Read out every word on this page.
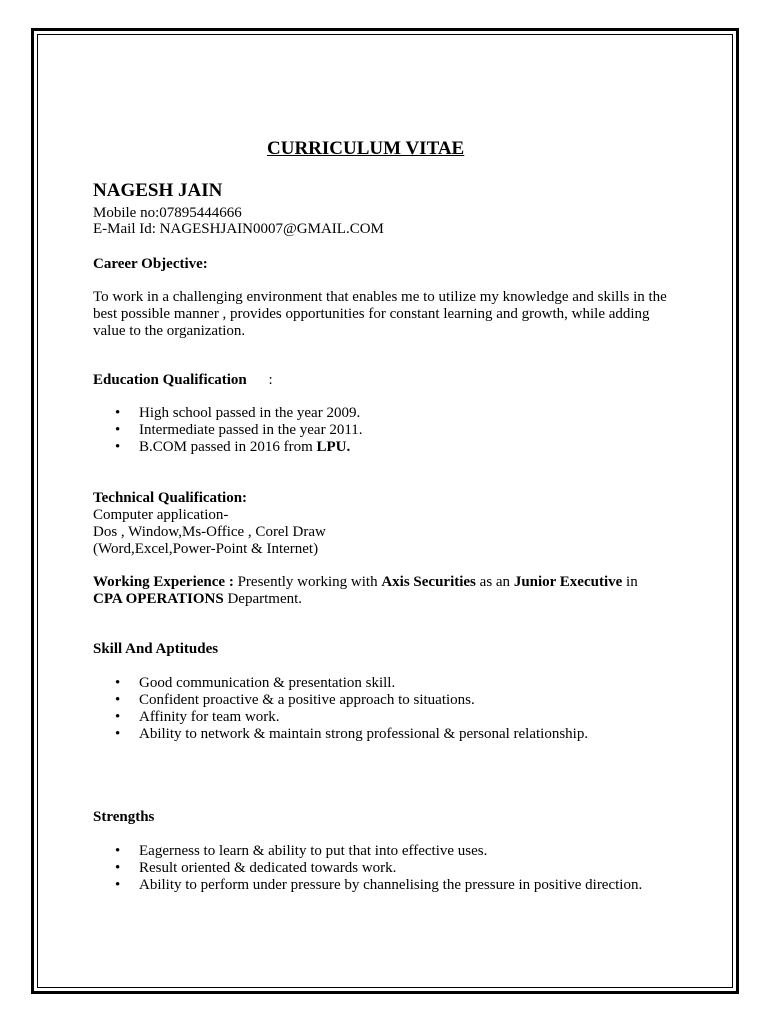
CURRICULUM VITAE
NAGESH JAIN
Mobile no:07895444666
E-Mail Id: NAGESHJAIN0007@GMAIL.COM
Career Objective:
To work in a challenging environment that enables me to utilize my knowledge and skills in the best possible manner , provides opportunities for constant learning and growth, while adding value to the organization.
Education Qualification :
• High school passed in the year 2009.
• Intermediate passed in the year 2011.
• B.COM passed in 2016 from LPU.
Technical Qualification:
Computer application-
Dos , Window,Ms-Office , Corel Draw
(Word,Excel,Power-Point & Internet)
Working Experience : Presently working with Axis Securities as an Junior Executive in
CPA OPERATIONS Department.
Skill And Aptitudes
• Good communication & presentation skill.
• Confident proactive & a positive approach to situations.
• Affinity for team work.
• Ability to network & maintain strong professional & personal relationship.
Strengths
• Eagerness to learn & ability to put that into effective uses.
• Result oriented & dedicated towards work.
• Ability to perform under pressure by channelising the pressure in positive direction.
